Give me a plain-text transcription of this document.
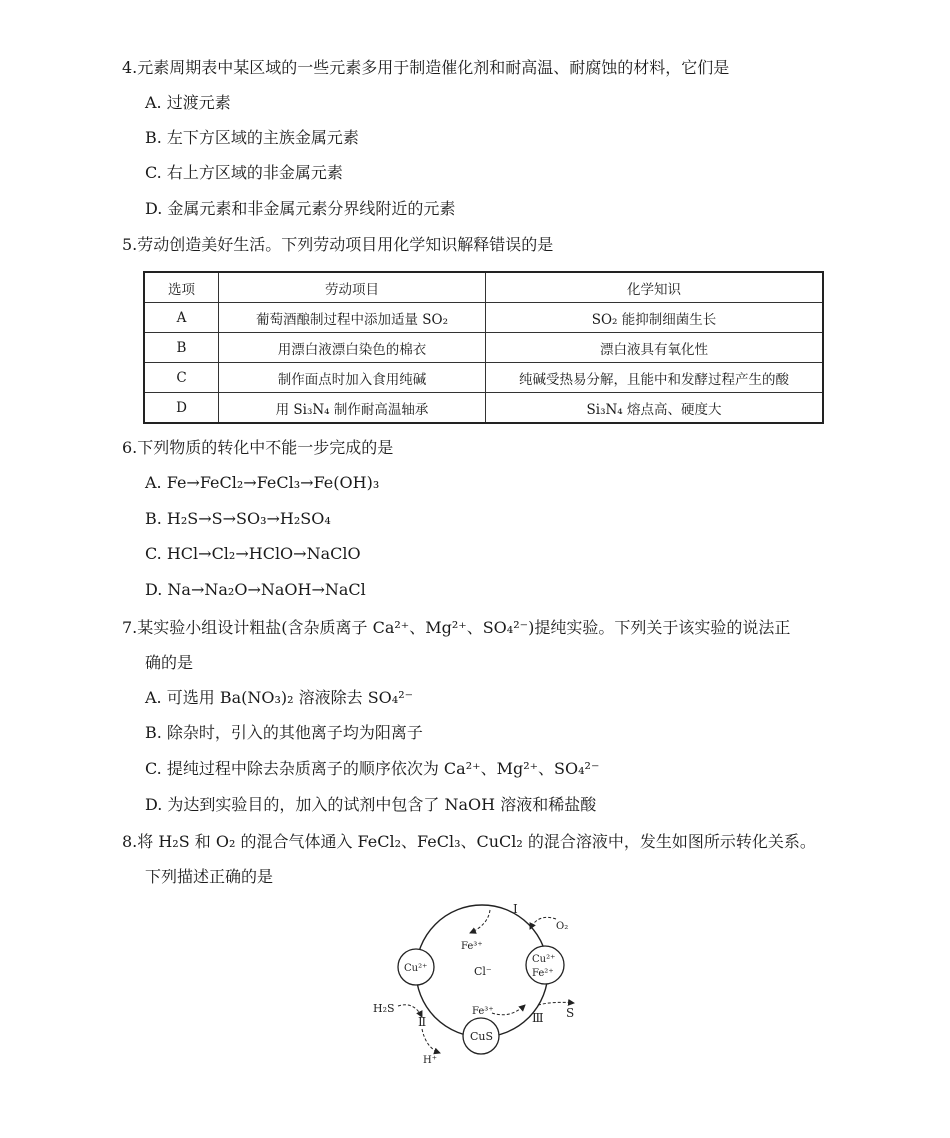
4.元素周期表中某区域的一些元素多用于制造催化剂和耐高温、耐腐蚀的材料，它们是
A. 过渡元素
B. 左下方区域的主族金属元素
C. 右上方区域的非金属元素
D. 金属元素和非金属元素分界线附近的元素
5.劳动创造美好生活。下列劳动项目用化学知识解释错误的是
选项	劳动项目	化学知识
A	葡萄酒酿制过程中添加适量 SO₂	SO₂ 能抑制细菌生长
B	用漂白液漂白染色的棉衣	漂白液具有氧化性
C	制作面点时加入食用纯碱	纯碱受热易分解，且能中和发酵过程产生的酸
D	用 Si₃N₄ 制作耐高温轴承	Si₃N₄ 熔点高、硬度大
6.下列物质的转化中不能一步完成的是
A. Fe→FeCl₂→FeCl₃→Fe(OH)₃
B. H₂S→S→SO₃→H₂SO₄
C. HCl→Cl₂→HClO→NaClO
D. Na→Na₂O→NaOH→NaCl
7.某实验小组设计粗盐(含杂质离子 Ca²⁺、Mg²⁺、SO₄²⁻)提纯实验。下列关于该实验的说法正
确的是
A. 可选用 Ba(NO₃)₂ 溶液除去 SO₄²⁻
B. 除杂时，引入的其他离子均为阳离子
C. 提纯过程中除去杂质离子的顺序依次为 Ca²⁺、Mg²⁺、SO₄²⁻
D. 为达到实验目的，加入的试剂中包含了 NaOH 溶液和稀盐酸
8.将 H₂S 和 O₂ 的混合气体通入 FeCl₂、FeCl₃、CuCl₂ 的混合溶液中，发生如图所示转化关系。
下列描述正确的是
Ⅰ
O₂
Fe³⁺
Cu²⁺	Cl⁻
Cu²⁺
Fe²⁺
H₂S
Ⅱ
Fe³⁺	Ⅲ S
CuS
H⁺
